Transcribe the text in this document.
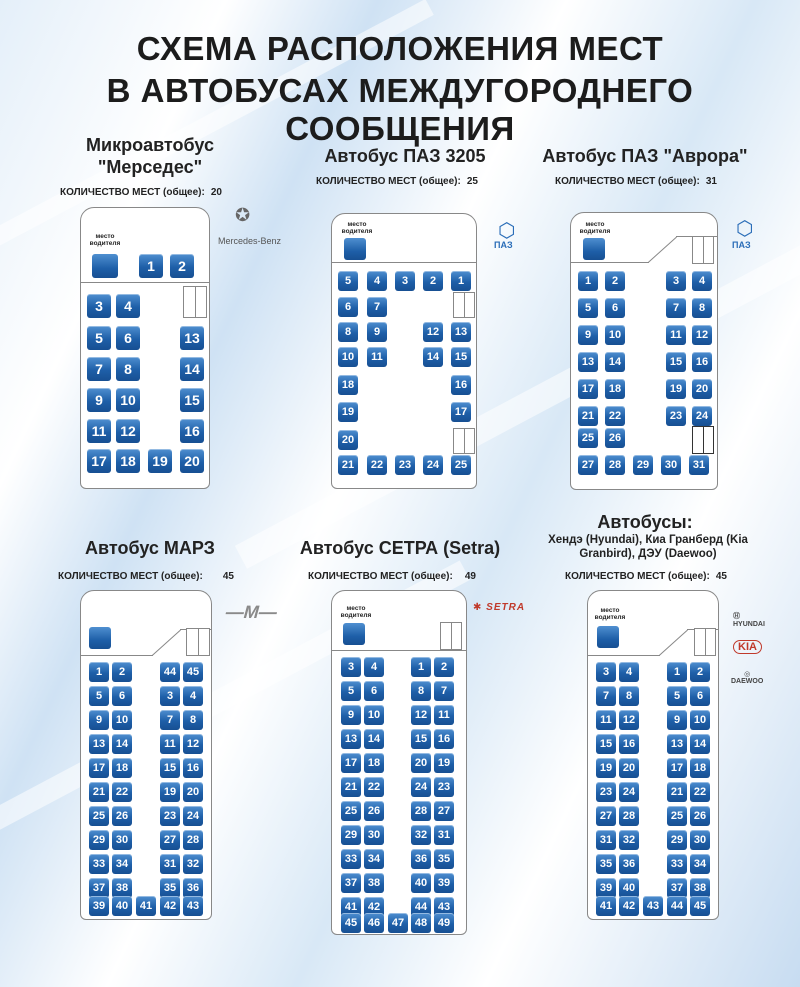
СХЕМА РАСПОЛОЖЕНИЯ МЕСТ
В АВТОБУСАХ МЕЖДУГОРОДНЕГО СООБЩЕНИЯ
Микроавтобус
"Мерседес"
КОЛИЧЕСТВО МЕСТ (общее): 20
место водителя
✪
Mercedes-Benz
1	2
3	4
5	6	13
7	8	14
9	10	15
11 12	16
17 18	19	20
Автобус ПАЗ 3205
КОЛИЧЕСТВО МЕСТ (общее): 25
место водителя	⬡
ПАЗ
5	4	3	2	1
6	7
8	9	12	13
10	11	14	15
18	16
19	17
20
21	22	23	24	25
Автобус ПАЗ "Аврора"
КОЛИЧЕСТВО МЕСТ (общее): 31
место водителя	⬡
ПАЗ
1	2	3	4
5	6	7	8
9	10	11	12
13	14	15	16
17	18	19	20
21	22	23	24
25	26
27	28	29	30	31
Автобус МАРЗ
КОЛИЧЕСТВО МЕСТ (общее): 45
—М—
1	2	44 45
5	6	3	4
9	10	7	8
13 14	11	12
17 18	15 16
21 22	19 20
25 26	23 24
29 30	27 28
33 34	31 32
37 38	35 36
39 40	41	42 43
Автобус СЕТРА (Setra)
КОЛИЧЕСТВО МЕСТ (общее): 49
место водителя
✱ SETRA
3	4	1	2
5	6	8	7
9	10	12	11
13 14	15 16
17 18	20 19
21 22	24 23
25 26	28 27
29 30	32 31
33 34	36 35
37 38	40 39
41 42	44 43
45 46	47 48 49
Автобусы:
Хендэ (Hyundai), Киа Гранберд (Kia Granbird), ДЭУ (Daewoo)
КОЛИЧЕСТВО МЕСТ (общее): 45
место водителя	Ⓗ
HYUNDAI
KIA
◎
DAEWOO
3	4	1	2
7	8	5	6
11	12	9	10
15 16	13 14
19 20	17 18
23 24	21 22
27 28	25 26
31 32	29 30
35 36	33 34
39 40	37 38
41 42	43	44 45
